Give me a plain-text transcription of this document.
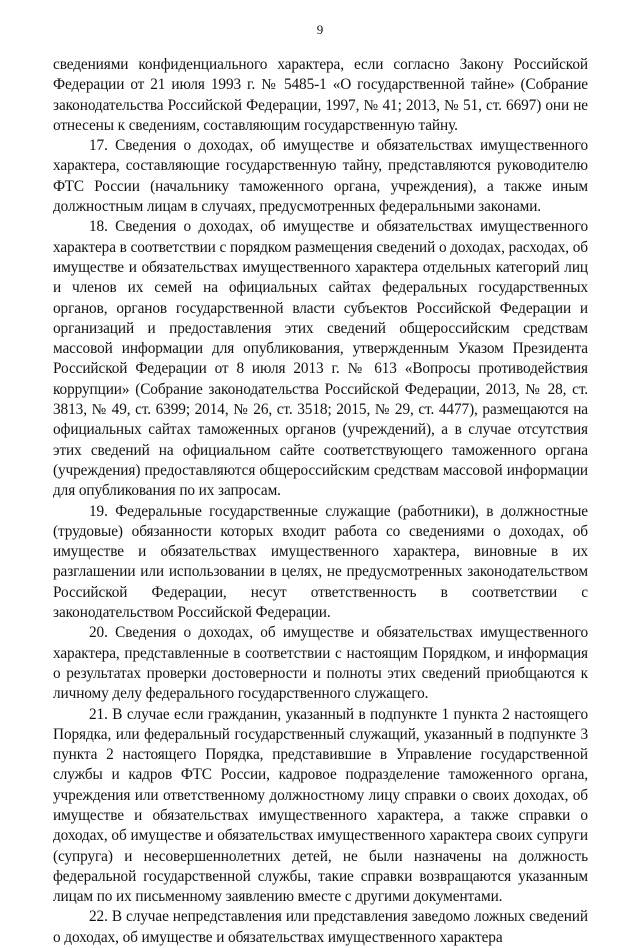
9

сведениями конфиденциального характера, если согласно Закону Российской Федерации от 21 июля 1993 г. № 5485-1 «О государственной тайне» (Собрание законодательства Российской Федерации, 1997, № 41; 2013, № 51, ст. 6697) они не отнесены к сведениям, составляющим государственную тайну.

17. Сведения о доходах, об имуществе и обязательствах имущественного характера, составляющие государственную тайну, представляются руководителю ФТС России (начальнику таможенного органа, учреждения), а также иным должностным лицам в случаях, предусмотренных федеральными законами.

18. Сведения о доходах, об имуществе и обязательствах имущественного характера в соответствии с порядком размещения сведений о доходах, расходах, об имуществе и обязательствах имущественного характера отдельных категорий лиц и членов их семей на официальных сайтах федеральных государственных органов, органов государственной власти субъектов Российской Федерации и организаций и предоставления этих сведений общероссийским средствам массовой информации для опубликования, утвержденным Указом Президента Российской Федерации от 8 июля 2013 г. № 613 «Вопросы противодействия коррупции» (Собрание законодательства Российской Федерации, 2013, № 28, ст. 3813, № 49, ст. 6399; 2014, № 26, ст. 3518; 2015, № 29, ст. 4477), размещаются на официальных сайтах таможенных органов (учреждений), а в случае отсутствия этих сведений на официальном сайте соответствующего таможенного органа (учреждения) предоставляются общероссийским средствам массовой информации для опубликования по их запросам.

19. Федеральные государственные служащие (работники), в должностные (трудовые) обязанности которых входит работа со сведениями о доходах, об имуществе и обязательствах имущественного характера, виновные в их разглашении или использовании в целях, не предусмотренных законодательством Российской Федерации, несут ответственность в соответствии с законодательством Российской Федерации.

20. Сведения о доходах, об имуществе и обязательствах имущественного характера, представленные в соответствии с настоящим Порядком, и информация о результатах проверки достоверности и полноты этих сведений приобщаются к личному делу федерального государственного служащего.

21. В случае если гражданин, указанный в подпункте 1 пункта 2 настоящего Порядка, или федеральный государственный служащий, указанный в подпункте 3 пункта 2 настоящего Порядка, представившие в Управление государственной службы и кадров ФТС России, кадровое подразделение таможенного органа, учреждения или ответственному должностному лицу справки о своих доходах, об имуществе и обязательствах имущественного характера, а также справки о доходах, об имуществе и обязательствах имущественного характера своих супруги (супруга) и несовершеннолетних детей, не были назначены на должность федеральной государственной службы, такие справки возвращаются указанным лицам по их письменному заявлению вместе с другими документами.

22. В случае непредставления или представления заведомо ложных сведений о доходах, об имуществе и обязательствах имущественного характера
